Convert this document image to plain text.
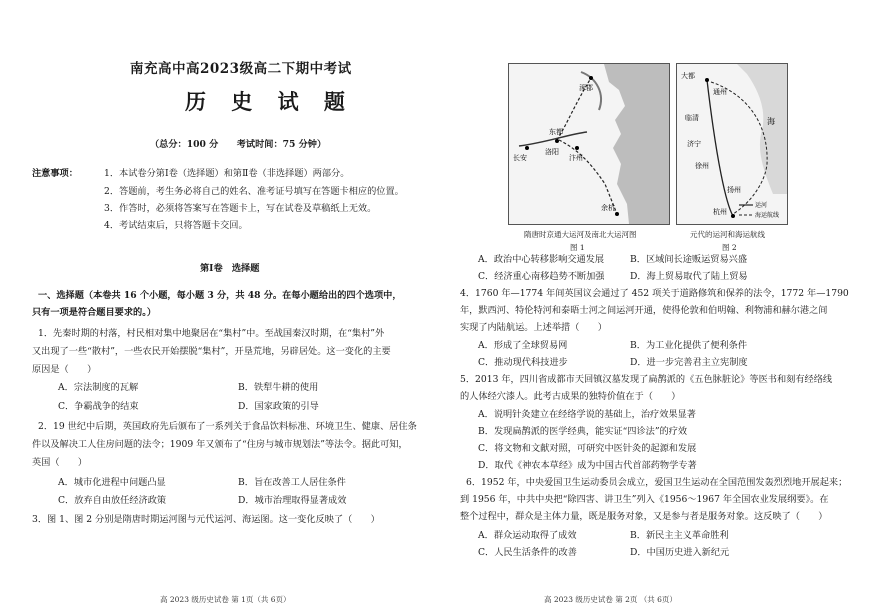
南充高中高2023级高二下期中考试
历 史 试 题
（总分：100 分　　考试时间：75 分钟）
注意事项：	1．本试卷分第Ⅰ卷（选择题）和第Ⅱ卷（非选择题）两部分。
2．答题前，考生务必将自己的姓名、准考证号填写在答题卡相应的位置。
3．作答时，必须将答案写在答题卡上，写在试卷及草稿纸上无效。
4．考试结束后，只将答题卡交回。
第Ⅰ卷　选择题
一、选择题（本卷共 16 个小题，每小题 3 分，共 48 分。在每小题给出的四个选项中，
只有一项是符合题目要求的。）
1．先秦时期的村落，村民相对集中地聚居在“集村”中。至战国秦汉时期，在“集村”外
又出现了一些“散村”，一些农民开始摆脱“集村”，开垦荒地，另辟居处。这一变化的主要
原因是（　　）
A．宗法制度的瓦解	B．铁犁牛耕的使用
C．争霸战争的结束	D．国家政策的引导
2．19 世纪中后期，英国政府先后颁布了一系列关于食品饮料标准、环境卫生、健康、居住条
件以及解决工人住房问题的法令；1909 年又颁布了“住房与城市规划法”等法令。据此可知，
英国（　　）
A．城市化进程中问题凸显	B．旨在改善工人居住条件
C．放弃自由放任经济政策	D．城市治理取得显著成效
3．图 1、图 2 分别是隋唐时期运河图与元代运河、海运图。这一变化反映了（　　）
高 2023 级历史试卷 第 1页（共 6页）
长安
洛阳
东都
汴州
余杭
涿郡
隋唐时京通大运河及南北大运河图
图 1
大都
通州
临清
济宁
徐州
扬州
杭州
海
运河
海运航线
元代的运河和海运航线
图 2
A．政治中心转移影响交通发展	B．区域间长途贩运贸易兴盛
C．经济重心南移趋势不断加强	D．海上贸易取代了陆上贸易
4．1760 年—1774 年间英国议会通过了 452 项关于道路修筑和保养的法令，1772 年—1790
年，默西河、特伦特河和泰晤士河之间运河开通，使得伦敦和伯明翰、利物浦和赫尔港之间
实现了内陆航运。上述举措（　　）
A．形成了全球贸易网	B．为工业化提供了便利条件
C．推动现代科技进步	D．进一步完善君主立宪制度
5．2013 年，四川省成都市天回镇汉墓发现了扁鹊派的《五色脉脏论》等医书和刻有经络线
的人体经穴漆人。此考古成果的独特价值在于（　　）
A．说明针灸建立在经络学说的基础上，治疗效果显著
B．发现扁鹊派的医学经典，能实证“四诊法”的疗效
C．将文物和文献对照，可研究中医针灸的起源和发展
D．取代《神农本草经》成为中国古代首部药物学专著
6．1952 年，中央爱国卫生运动委员会成立，爱国卫生运动在全国范围发轰烈烈地开展起来；
到 1956 年，中共中央把“除四害、讲卫生”列入《1956～1967 年全国农业发展纲要》。在
整个过程中，群众是主体力量，既是服务对象，又是参与者是服务对象。这反映了（　　）
A．群众运动取得了成效	B．新民主主义革命胜利
C．人民生活条件的改善	D．中国历史进入新纪元
高 2023 级历史试卷 第 2页 （共 6页）
